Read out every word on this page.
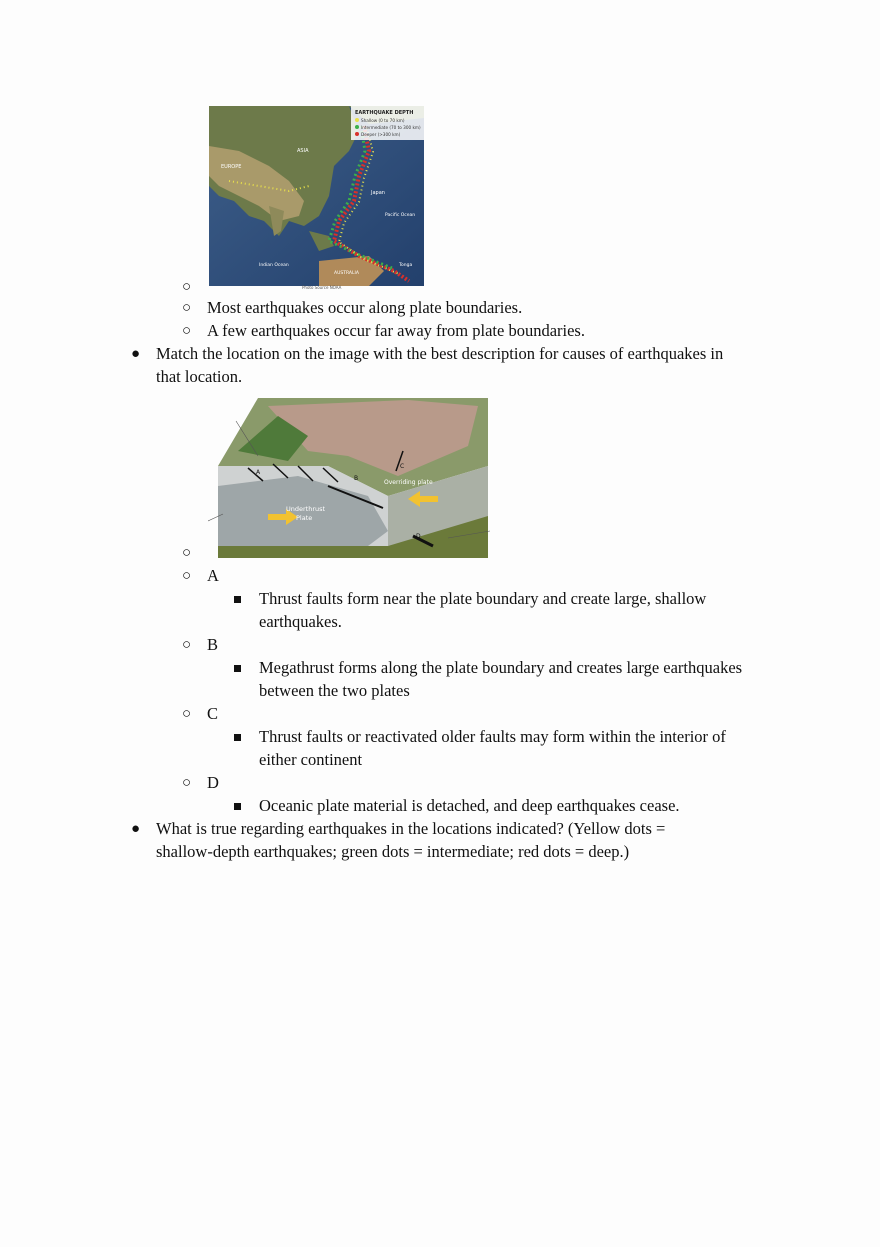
EARTHQUAKE DEPTH
Shallow (0 to 70 km)
Intermediate (70 to 300 km)
Deeper (>300 km)
ASIA
EUROPE
Japan
Pacific Ocean
Indian Ocean
AUSTRALIA
Tonga
Photo Source NOAA
○
○ Most earthquakes occur along plate boundaries.
○ A few earthquakes occur far away from plate boundaries.
● Match the location on the image with the best description for causes of earthquakes in
that location.
A
B
C
D
Underthrust
Plate
Overriding plate
○
○ A
Thrust faults form near the plate boundary and create large, shallow
earthquakes.
○ B
Megathrust forms along the plate boundary and creates large earthquakes
between the two plates
○ C
Thrust faults or reactivated older faults may form within the interior of
either continent
○ D
Oceanic plate material is detached, and deep earthquakes cease.
● What is true regarding earthquakes in the locations indicated? (Yellow dots =
shallow-depth earthquakes; green dots = intermediate; red dots = deep.)
